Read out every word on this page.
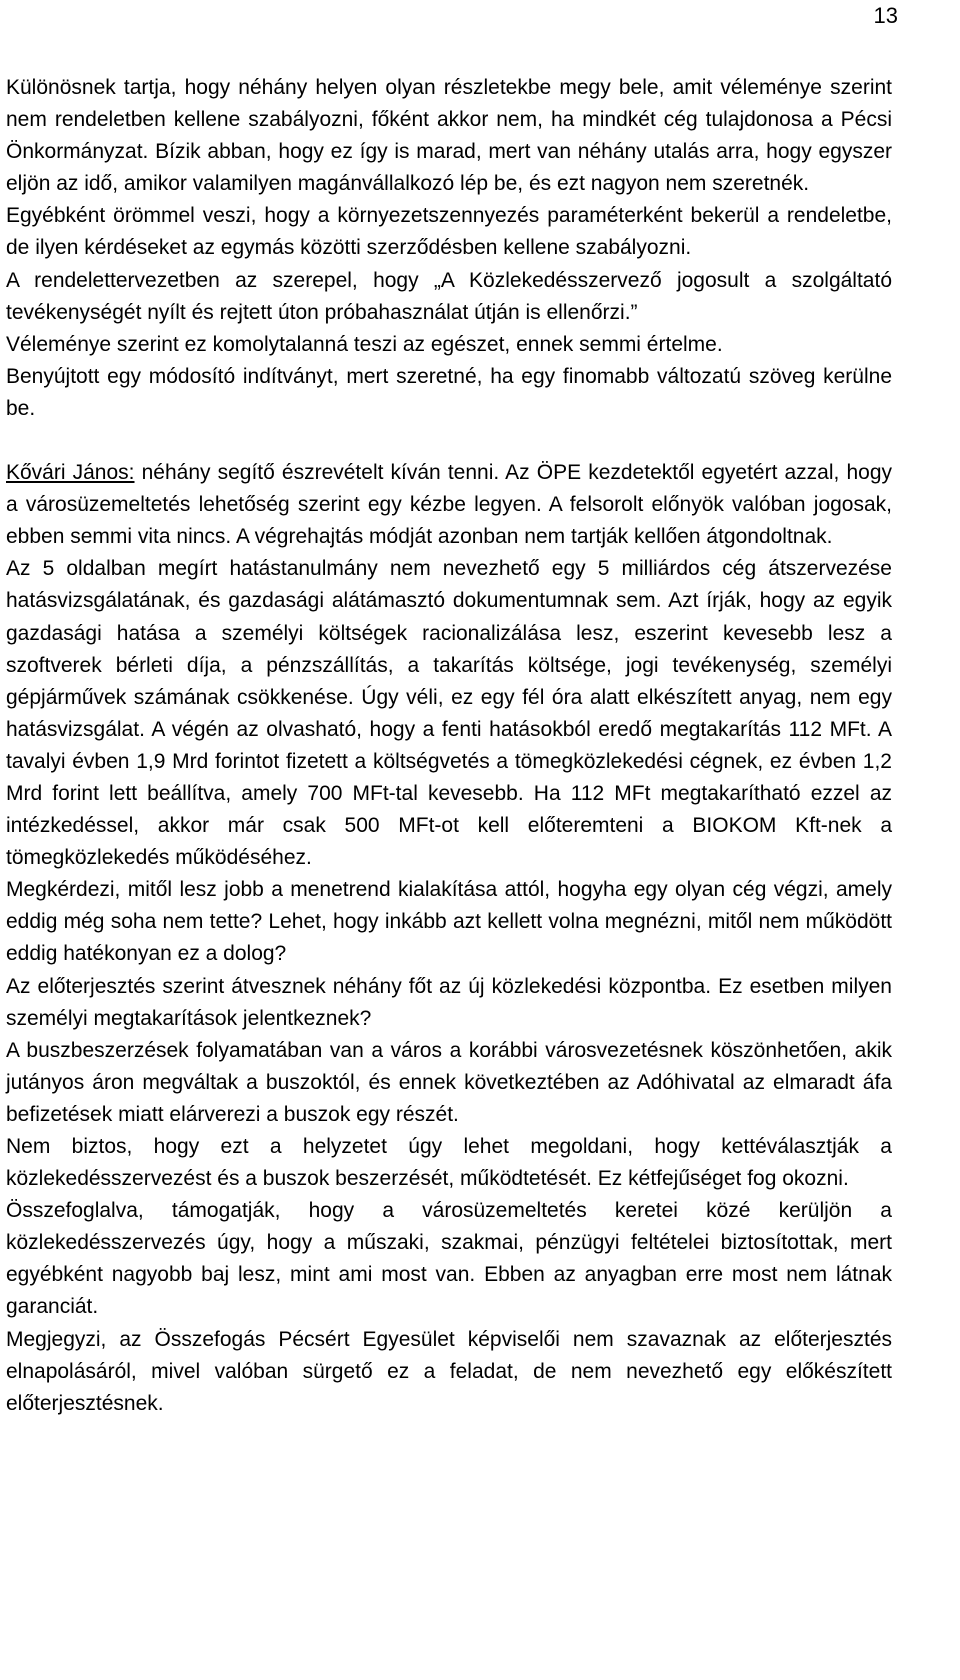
13

Különösnek tartja, hogy néhány helyen olyan részletekbe megy bele, amit véleménye szerint nem rendeletben kellene szabályozni, főként akkor nem, ha mindkét cég tulajdonosa a Pécsi Önkormányzat. Bízik abban, hogy ez így is marad, mert van néhány utalás arra, hogy egyszer eljön az idő, amikor valamilyen magánvállalkozó lép be, és ezt nagyon nem szeretnék.

Egyébként örömmel veszi, hogy a környezetszennyezés paraméterként bekerül a rendeletbe, de ilyen kérdéseket az egymás közötti szerződésben kellene szabályozni.

A rendelettervezetben az szerepel, hogy „A Közlekedésszervező jogosult a szolgáltató tevékenységét nyílt és rejtett úton próbahasználat útján is ellenőrzi.”

Véleménye szerint ez komolytalanná teszi az egészet, ennek semmi értelme.

Benyújtott egy módosító indítványt, mert szeretné, ha egy finomabb változatú szöveg kerülne be.

Kővári János: néhány segítő észrevételt kíván tenni. Az ÖPE kezdetektől egyetért azzal, hogy a városüzemeltetés lehetőség szerint egy kézbe legyen. A felsorolt előnyök valóban jogosak, ebben semmi vita nincs. A végrehajtás módját azonban nem tartják kellően átgondoltnak.

Az 5 oldalban megírt hatástanulmány nem nevezhető egy 5 milliárdos cég átszervezése hatásvizsgálatának, és gazdasági alátámasztó dokumentumnak sem. Azt írják, hogy az egyik gazdasági hatása a személyi költségek racionalizálása lesz, eszerint kevesebb lesz a szoftverek bérleti díja, a pénzszállítás, a takarítás költsége, jogi tevékenység, személyi gépjárművek számának csökkenése. Úgy véli, ez egy fél óra alatt elkészített anyag, nem egy hatásvizsgálat. A végén az olvasható, hogy a fenti hatásokból eredő megtakarítás 112 MFt. A tavalyi évben 1,9 Mrd forintot fizetett a költségvetés a tömegközlekedési cégnek, ez évben 1,2 Mrd forint lett beállítva, amely 700 MFt-tal kevesebb. Ha 112 MFt megtakarítható ezzel az intézkedéssel, akkor már csak 500 MFt-ot kell előteremteni a BIOKOM Kft-nek a tömegközlekedés működéséhez.

Megkérdezi, mitől lesz jobb a menetrend kialakítása attól, hogyha egy olyan cég végzi, amely eddig még soha nem tette? Lehet, hogy inkább azt kellett volna megnézni, mitől nem működött eddig hatékonyan ez a dolog?

Az előterjesztés szerint átvesznek néhány főt az új közlekedési központba. Ez esetben milyen személyi megtakarítások jelentkeznek?

A buszbeszerzések folyamatában van a város a korábbi városvezetésnek köszönhetően, akik jutányos áron megváltak a buszoktól, és ennek következtében az Adóhivatal az elmaradt áfa befizetések miatt elárverezi a buszok egy részét.

Nem biztos, hogy ezt a helyzetet úgy lehet megoldani, hogy kettéválasztják a közlekedésszervezést és a buszok beszerzését, működtetését. Ez kétfejűséget fog okozni.

Összefoglalva, támogatják, hogy a városüzemeltetés keretei közé kerüljön a közlekedésszervezés úgy, hogy a műszaki, szakmai, pénzügyi feltételei biztosítottak, mert egyébként nagyobb baj lesz, mint ami most van. Ebben az anyagban erre most nem látnak garanciát.

Megjegyzi, az Összefogás Pécsért Egyesület képviselői nem szavaznak az előterjesztés elnapolásáról, mivel valóban sürgető ez a feladat, de nem nevezhető egy előkészített előterjesztésnek.
